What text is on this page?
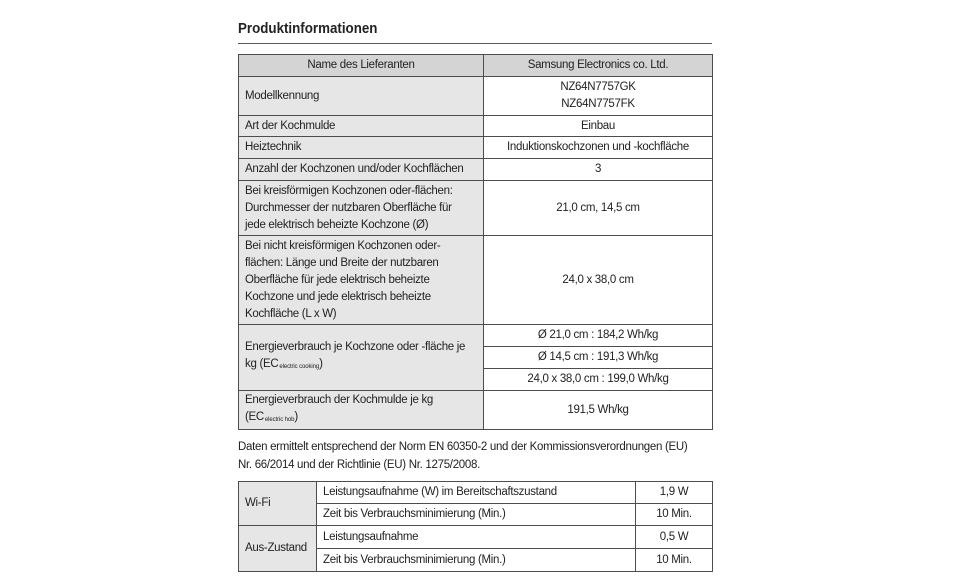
Produktinformationen
Name des Lieferanten	Samsung Electronics co. Ltd.
Modellkennung	NZ64N7757GK
NZ64N7757FK

Art der Kochmulde	Einbau
Heiztechnik	Induktionskochzonen und -kochfläche
Anzahl der Kochzonen und/oder Kochflächen	3

Bei kreisförmigen Kochzonen oder-flächen:
Durchmesser der nutzbaren Oberfläche für
jede elektrisch beheizte Kochzone (Ø)	21,0 cm, 14,5 cm

Bei nicht kreisförmigen Kochzonen oder-
flächen: Länge und Breite der nutzbaren
Oberfläche für jede elektrisch beheizte
Kochzone und jede elektrisch beheizte
Kochfläche (L x W)	24,0 x 38,0 cm

Energieverbrauch je Kochzone oder -fläche je
kg (ECelectric cooking)	Ø 21,0 cm : 184,2 Wh/kg
	Ø 14,5 cm : 191,3 Wh/kg
	24,0 x 38,0 cm : 199,0 Wh/kg

Energieverbrauch der Kochmulde je kg
(ECelectric hob)	191,5 Wh/kg
Daten ermittelt entsprechend der Norm EN 60350-2 und der Kommissionsverordnungen (EU)
Nr. 66/2014 und der Richtlinie (EU) Nr. 1275/2008.
Wi-Fi	Leistungsaufnahme (W) im Bereitschaftszustand	1,9 W
	Zeit bis Verbrauchsminimierung (Min.)	10 Min.
Aus-Zustand	Leistungsaufnahme	0,5 W
	Zeit bis Verbrauchsminimierung (Min.)	10 Min.
